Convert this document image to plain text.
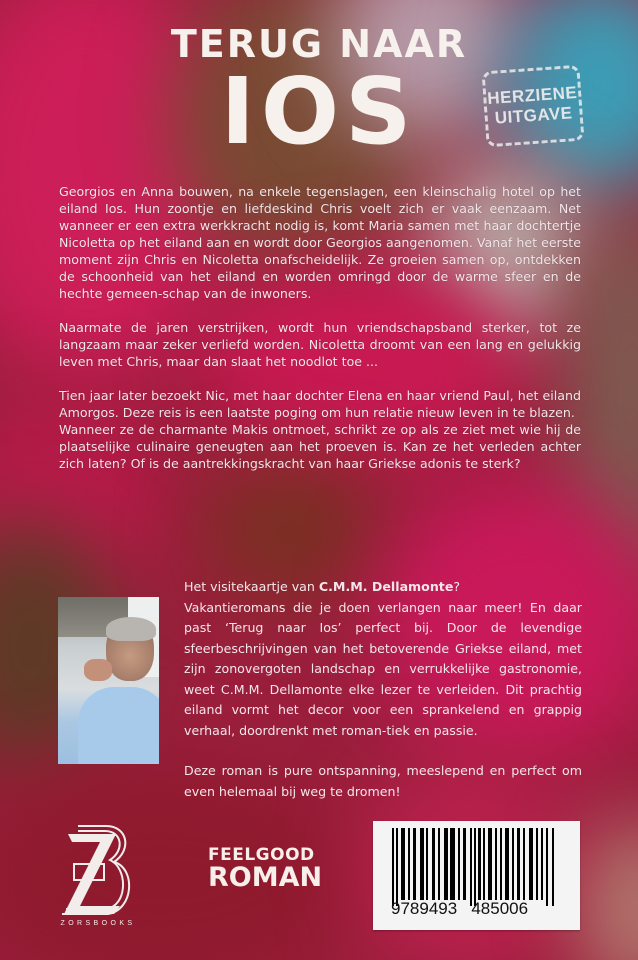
TERUG NAAR
IOS	HERZIENE
UITGAVE

Georgios en Anna bouwen, na enkele tegenslagen, een kleinschalig hotel op het eiland Ios. Hun zoontje en liefdeskind Chris voelt zich er vaak eenzaam. Net wanneer er een extra werkkracht nodig is, komt Maria samen met haar dochtertje Nicoletta op het eiland aan en wordt door Georgios aangenomen. Vanaf het eerste moment zijn Chris en Nicoletta onafscheidelijk. Ze groeien samen op, ontdekken de schoonheid van het eiland en worden omringd door de warme sfeer en de hechte gemeen-schap van de inwoners.

Naarmate de jaren verstrijken, wordt hun vriendschapsband sterker, tot ze langzaam maar zeker verliefd worden. Nicoletta droomt van een lang en gelukkig leven met Chris, maar dan slaat het noodlot toe ...

Tien jaar later bezoekt Nic, met haar dochter Elena en haar vriend Paul, het eiland Amorgos. Deze reis is een laatste poging om hun relatie nieuw leven in te blazen.

Wanneer ze de charmante Makis ontmoet, schrikt ze op als ze ziet met wie hij de plaatselijke culinaire geneugten aan het proeven is. Kan ze het verleden achter zich laten? Of is de aantrekkingskracht van haar Griekse adonis te sterk?

Het visitekaartje van C.M.M. Dellamonte?
Vakantieromans die je doen verlangen naar meer! En daar past ‘Terug naar Ios’ perfect bij. Door de levendige sfeerbeschrijvingen van het betoverende Griekse eiland, met zijn zonovergoten landschap en verrukkelijke gastronomie, weet C.M.M. Dellamonte elke lezer te verleiden. Dit prachtig eiland vormt het decor voor een sprankelend en grappig verhaal, doordrenkt met roman-tiek en passie.

Deze roman is pure ontspanning, meeslepend en perfect om even helemaal bij weg te dromen!

ZORSBOOKS
FEELGOOD
ROMAN
9789493   485006
